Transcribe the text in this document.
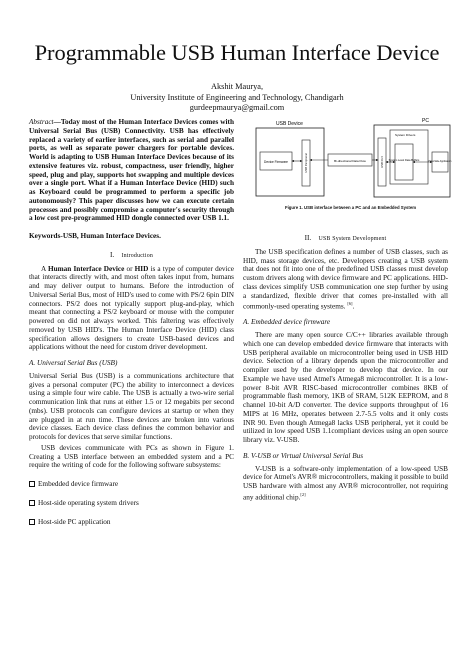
Programmable USB Human Interface Device
Akshit Maurya,
University Institute of Engineering and Technology, Chandigarh
gurdeepmaurya@gmail.com

Abstract—Today most of the Human Interface Devices comes with Universal Serial Bus (USB) Connectivity. USB has effectively replaced a variety of earlier interfaces, such as serial and parallel ports, as well as separate power chargers for portable devices. World is adapting to USB Human Interface Devices because of its extensive features viz. robust, compactness, user friendly, higher speed, plug and play, supports hot swapping and multiple devices over a single port. What if a Human Interface Device (HID) such as Keyboard could be programmed to perform a specific job autonomously? This paper discusses how we can execute certain processes and possibly compromise a computer's security through a low cost pre-programmed HID dongle connected over USB 1.1.

Keywords-USB, Human Interface Devices.

I. Introduction

A Human Interface Device or HID is a type of computer device that interacts directly with, and most often takes input from, humans and may deliver output to humans. Before the introduction of Universal Serial Bus, most of HID's used to come with PS/2 6pin DIN connectors. PS/2 does not typically support plug-and-play, which meant that connecting a PS/2 keyboard or mouse with the computer powered on did not always worked. This faltering was effectively removed by USB HID's. The Human Interface Device (HID) class specification allows designers to create USB-based devices and applications without the need for custom driver development.

A. Universal Serial Bus (USB)

Universal Serial Bus (USB) is a communications architecture that gives a personal computer (PC) the ability to interconnect a devices using a simple four wire cable. The USB is actually a two-wire serial communication link that runs at either 1.5 or 12 megabits per second (mbs). USB protocols can configure devices at startup or when they are plugged in at run time. These devices are broken into various device classes. Each device class defines the common behavior and protocols for devices that serve similar functions.

USB devices communicate with PCs as shown in Figure 1. Creating a USB interface between an embedded system and a PC require the writing of code for the following software subsystems:

Embedded device firmware
Host-side operating system drivers
Host-side PC application
USB Device
Device Firmware	USB Peripheral	Bi-directional Data Flow
PC
USB Port
System Drivers
System Level Data Buffers	Host-Side Application
Figure 1. USB interface between a PC and an Embedded System
II. USB System Development

The USB specification defines a number of USB classes, such as HID, mass storage devices, etc. Developers creating a USB system that does not fit into one of the predefined USB classes must develop custom drivers along with device firmware and PC applications. HID-class devices simplify USB communication one step further by using a standardized, flexible driver that comes pre-installed with all commonly-used operating systems. [6].

A. Embedded device firmware

There are many open source C/C++ libraries available through which one can develop embedded device firmware that interacts with USB peripheral available on microcontroller being used in USB HID device. Selection of a library depends upon the microcontroller and compiler used by the developer to develop that device. In our Example we have used Atmel's Atmega8 microcontroller. It is a low-power 8-bit AVR RISC-based microcontroller combines 8KB of programmable flash memory, 1KB of SRAM, 512K EEPROM, and 8 channel 10-bit A/D converter. The device supports throughput of 16 MIPS at 16 MHz, operates between 2.7-5.5 volts and it only costs INR 90. Even though Atmega8 lacks USB peripheral, yet it could be utilized in low speed USB 1.1compliant devices using an open source library viz. V-USB.

B. V-USB or Virtual Universal Serial Bus

V-USB is a software-only implementation of a low-speed USB device for Atmel's AVR® microcontrollers, making it possible to build USB hardware with almost any AVR® microcontroller, not requiring any additional chip.[2]
